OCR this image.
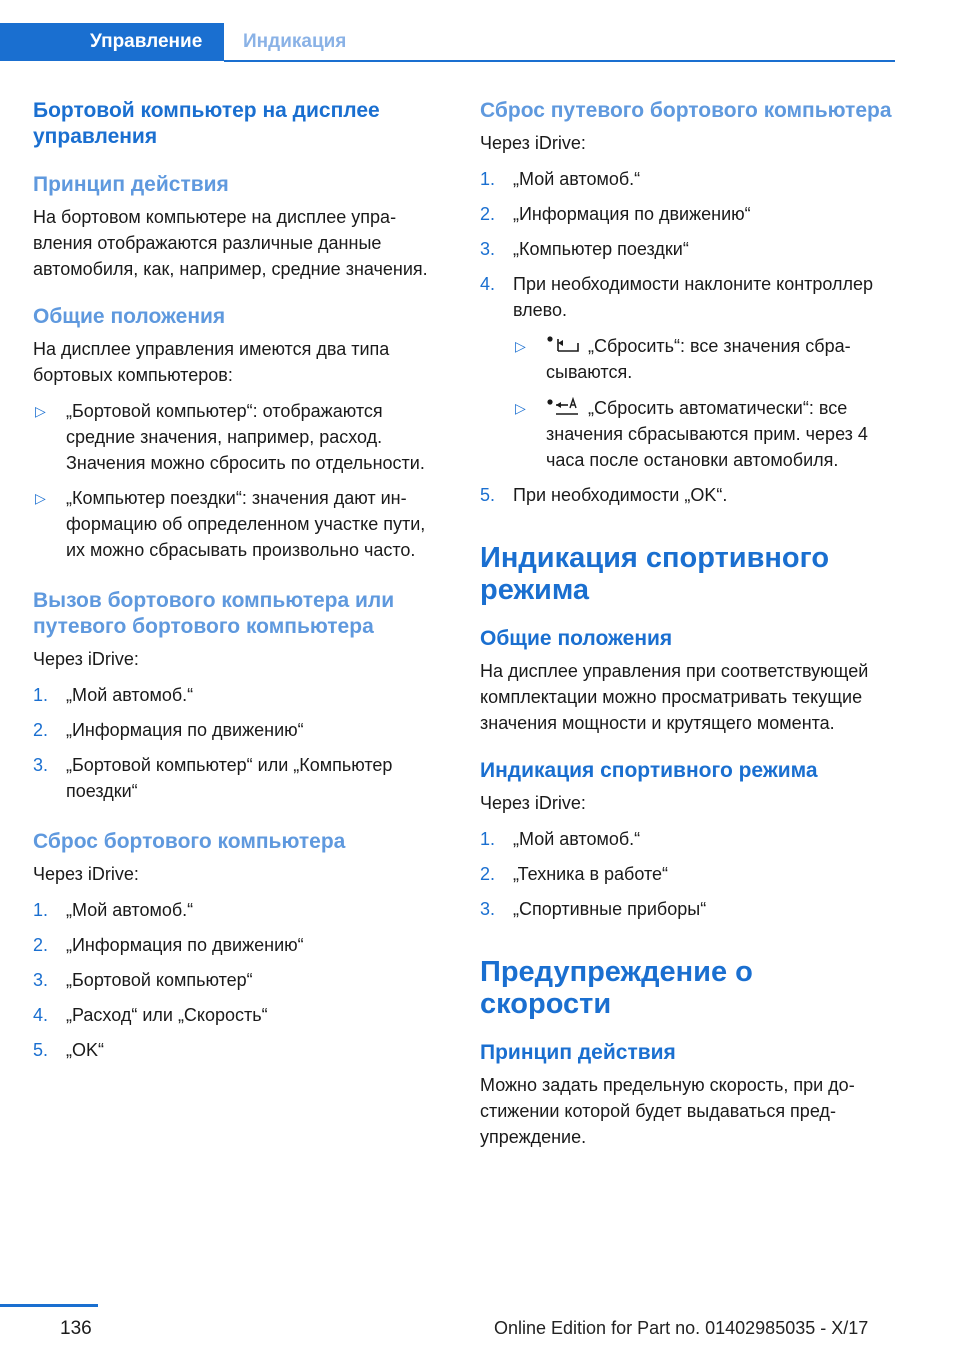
Управление	Индикация
Бортовой компьютер на дисплее управления
Принцип действия

На бортовом компьютере на дисплее управления отображаются различные данные автомобиля, как, например, средние значения.

Общие положения

На дисплее управления имеются два типа бортовых компьютеров:

▷ „Бортовой компьютер“: отображаются средние значения, например, расход. Значения можно сбросить по отдельности.
▷ „Компьютер поездки“: значения дают информацию об определенном участке пути, их можно сбрасывать произвольно часто.
Вызов бортового компьютера или путевого бортового компьютера

Через iDrive:

1. „Мой автомоб.“
2. „Информация по движению“
3. „Бортовой компьютер“ или „Компьютер поездки“
Сброс бортового компьютера

Через iDrive:

1. „Мой автомоб.“
2. „Информация по движению“
3. „Бортовой компьютер“
4. „Расход“ или „Скорость“
5. „OK“
Сброс путевого бортового компьютера

Через iDrive:

1. „Мой автомоб.“
2. „Информация по движению“
3. „Компьютер поездки“
4. При необходимости наклоните контроллер влево.
▷	„Сбросить“: все значения сбрасываются.
▷	„Сбросить автоматически“: все значения сбрасываются прим. через 4 часа после остановки автомобиля.
5. При необходимости „OK“.
Индикация спортивного режима
Общие положения

На дисплее управления при соответствующей комплектации можно просматривать текущие значения мощности и крутящего момента.

Индикация спортивного режима

Через iDrive:

1. „Мой автомоб.“
2. „Техника в работе“
3. „Спортивные приборы“
Предупреждение о скорости
Принцип действия

Можно задать предельную скорость, при достижении которой будет выдаваться предупреждение.

136	Online Edition for Part no. 01402985035 - X/17
